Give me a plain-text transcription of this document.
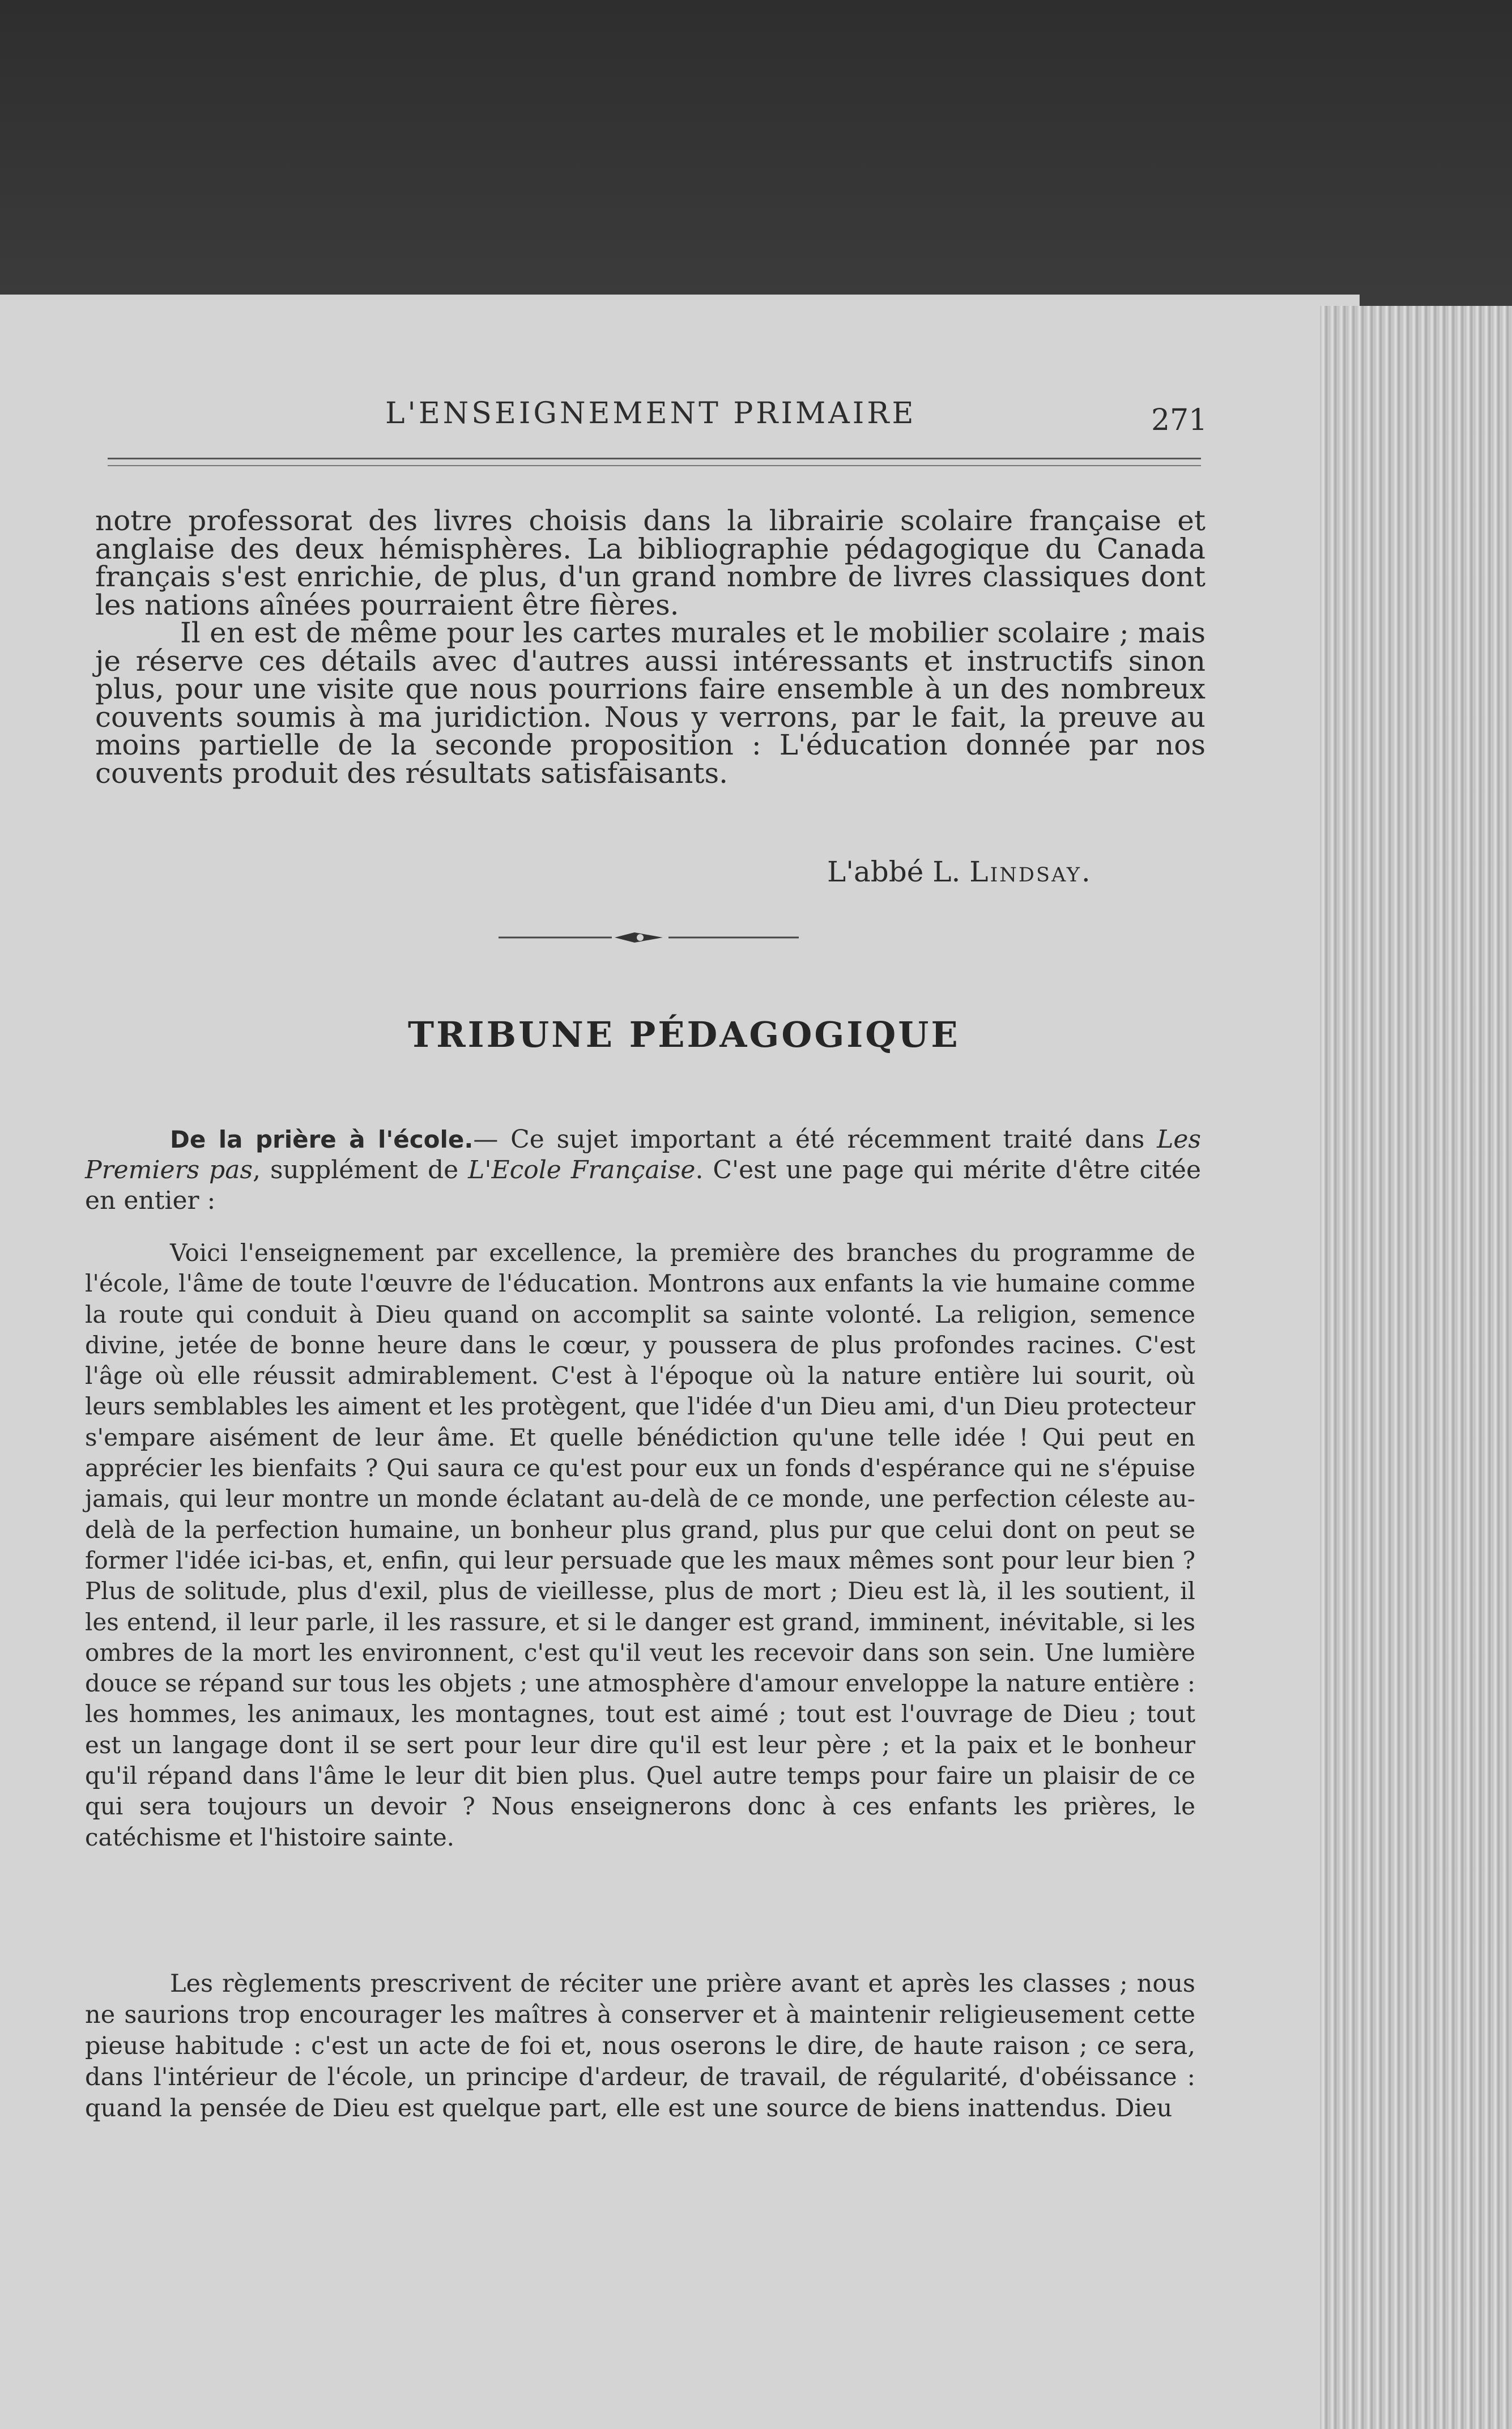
L'ENSEIGNEMENT PRIMAIRE	271

notre professorat des livres choisis dans la librairie scolaire française et anglaise des deux hémisphères. La bibliographie pédagogique du Canada français s'est enrichie, de plus, d'un grand nombre de livres classiques dont les nations aînées pourraient être fières.

Il en est de même pour les cartes murales et le mobilier scolaire ; mais je réserve ces détails avec d'autres aussi intéressants et instructifs sinon plus, pour une visite que nous pourrions faire ensemble à un des nombreux couvents soumis à ma juridiction. Nous y verrons, par le fait, la preuve au moins partielle de la seconde proposition : L'éducation donnée par nos couvents produit des résultats satisfaisants.

L'abbé L. Lindsay.
TRIBUNE PÉDAGOGIQUE

De la prière à l'école.— Ce sujet important a été récemment traité dans Les Premiers pas, supplément de L'Ecole Française. C'est une page qui mérite d'être citée en entier :

Voici l'enseignement par excellence, la première des branches du programme de l'école, l'âme de toute l'œuvre de l'éducation. Montrons aux enfants la vie humaine comme la route qui conduit à Dieu quand on accomplit sa sainte volonté. La religion, semence divine, jetée de bonne heure dans le cœur, y poussera de plus profondes racines. C'est l'âge où elle réussit admirablement. C'est à l'époque où la nature entière lui sourit, où leurs semblables les aiment et les protègent, que l'idée d'un Dieu ami, d'un Dieu protecteur s'empare aisément de leur âme. Et quelle bénédiction qu'une telle idée ! Qui peut en apprécier les bienfaits ? Qui saura ce qu'est pour eux un fonds d'espérance qui ne s'épuise jamais, qui leur montre un monde éclatant au-delà de ce monde, une perfection céleste au-delà de la perfection humaine, un bonheur plus grand, plus pur que celui dont on peut se former l'idée ici-bas, et, enfin, qui leur persuade que les maux mêmes sont pour leur bien ? Plus de solitude, plus d'exil, plus de vieillesse, plus de mort ; Dieu est là, il les soutient, il les entend, il leur parle, il les rassure, et si le danger est grand, imminent, inévitable, si les ombres de la mort les environnent, c'est qu'il veut les recevoir dans son sein. Une lumière douce se répand sur tous les objets ; une atmosphère d'amour enveloppe la nature entière : les hommes, les animaux, les montagnes, tout est aimé ; tout est l'ouvrage de Dieu ; tout est un langage dont il se sert pour leur dire qu'il est leur père ; et la paix et le bonheur qu'il répand dans l'âme le leur dit bien plus. Quel autre temps pour faire un plaisir de ce qui sera toujours un devoir ? Nous enseignerons donc à ces enfants les prières, le catéchisme et l'histoire sainte.

Les règlements prescrivent de réciter une prière avant et après les classes ; nous ne saurions trop encourager les maîtres à conserver et à maintenir religieusement cette pieuse habitude : c'est un acte de foi et, nous oserons le dire, de haute raison ; ce sera, dans l'intérieur de l'école, un principe d'ardeur, de travail, de régularité, d'obéissance : quand la pensée de Dieu est quelque part, elle est une source de biens inattendus. Dieu
